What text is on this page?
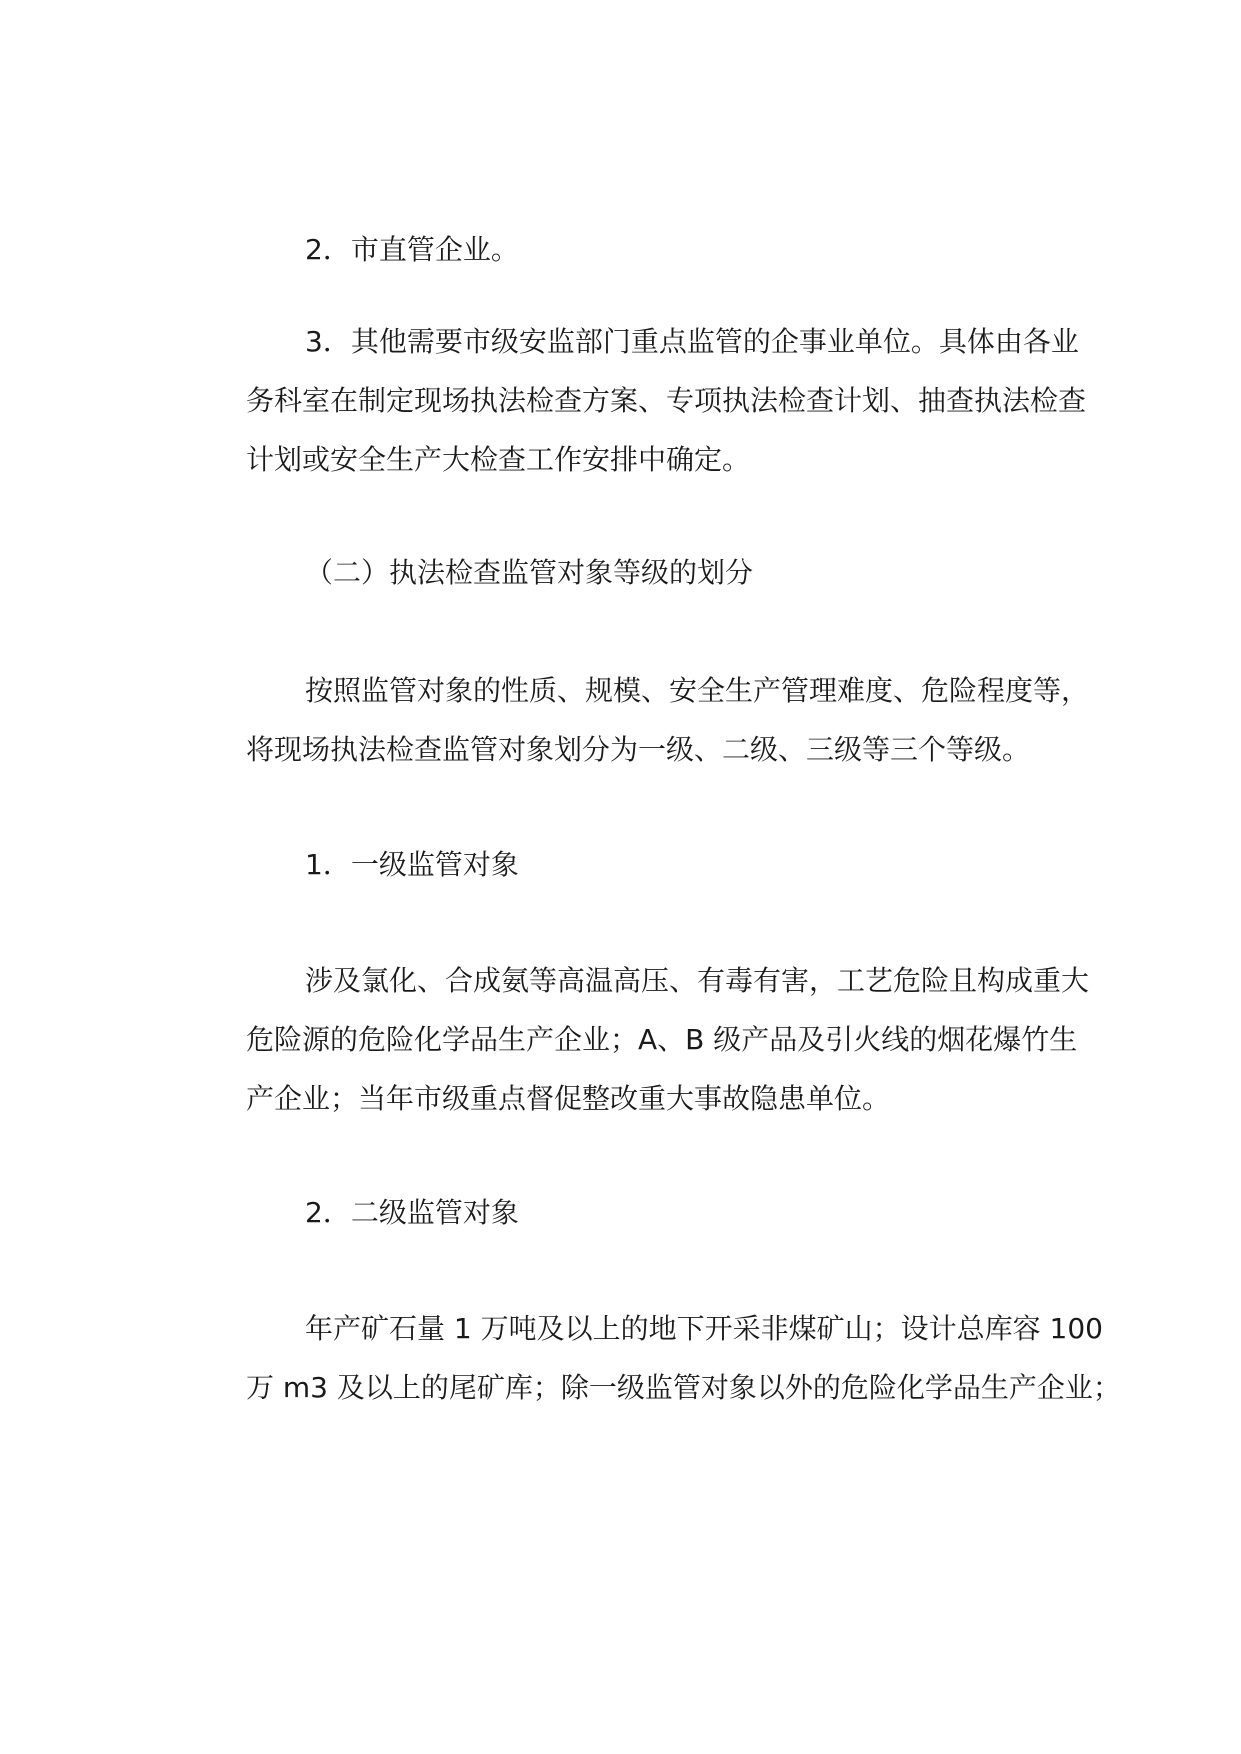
2．市直管企业。
3．其他需要市级安监部门重点监管的企事业单位。具体由各业
务科室在制定现场执法检查方案、专项执法检查计划、抽查执法检查
计划或安全生产大检查工作安排中确定。
（二）执法检查监管对象等级的划分
按照监管对象的性质、规模、安全生产管理难度、危险程度等，
将现场执法检查监管对象划分为一级、二级、三级等三个等级。
1．一级监管对象
涉及氯化、合成氨等高温高压、有毒有害，工艺危险且构成重大
危险源的危险化学品生产企业；A、B 级产品及引火线的烟花爆竹生
产企业；当年市级重点督促整改重大事故隐患单位。
2．二级监管对象
年产矿石量 1 万吨及以上的地下开采非煤矿山；设计总库容 100
万 m3 及以上的尾矿库；除一级监管对象以外的危险化学品生产企业；
